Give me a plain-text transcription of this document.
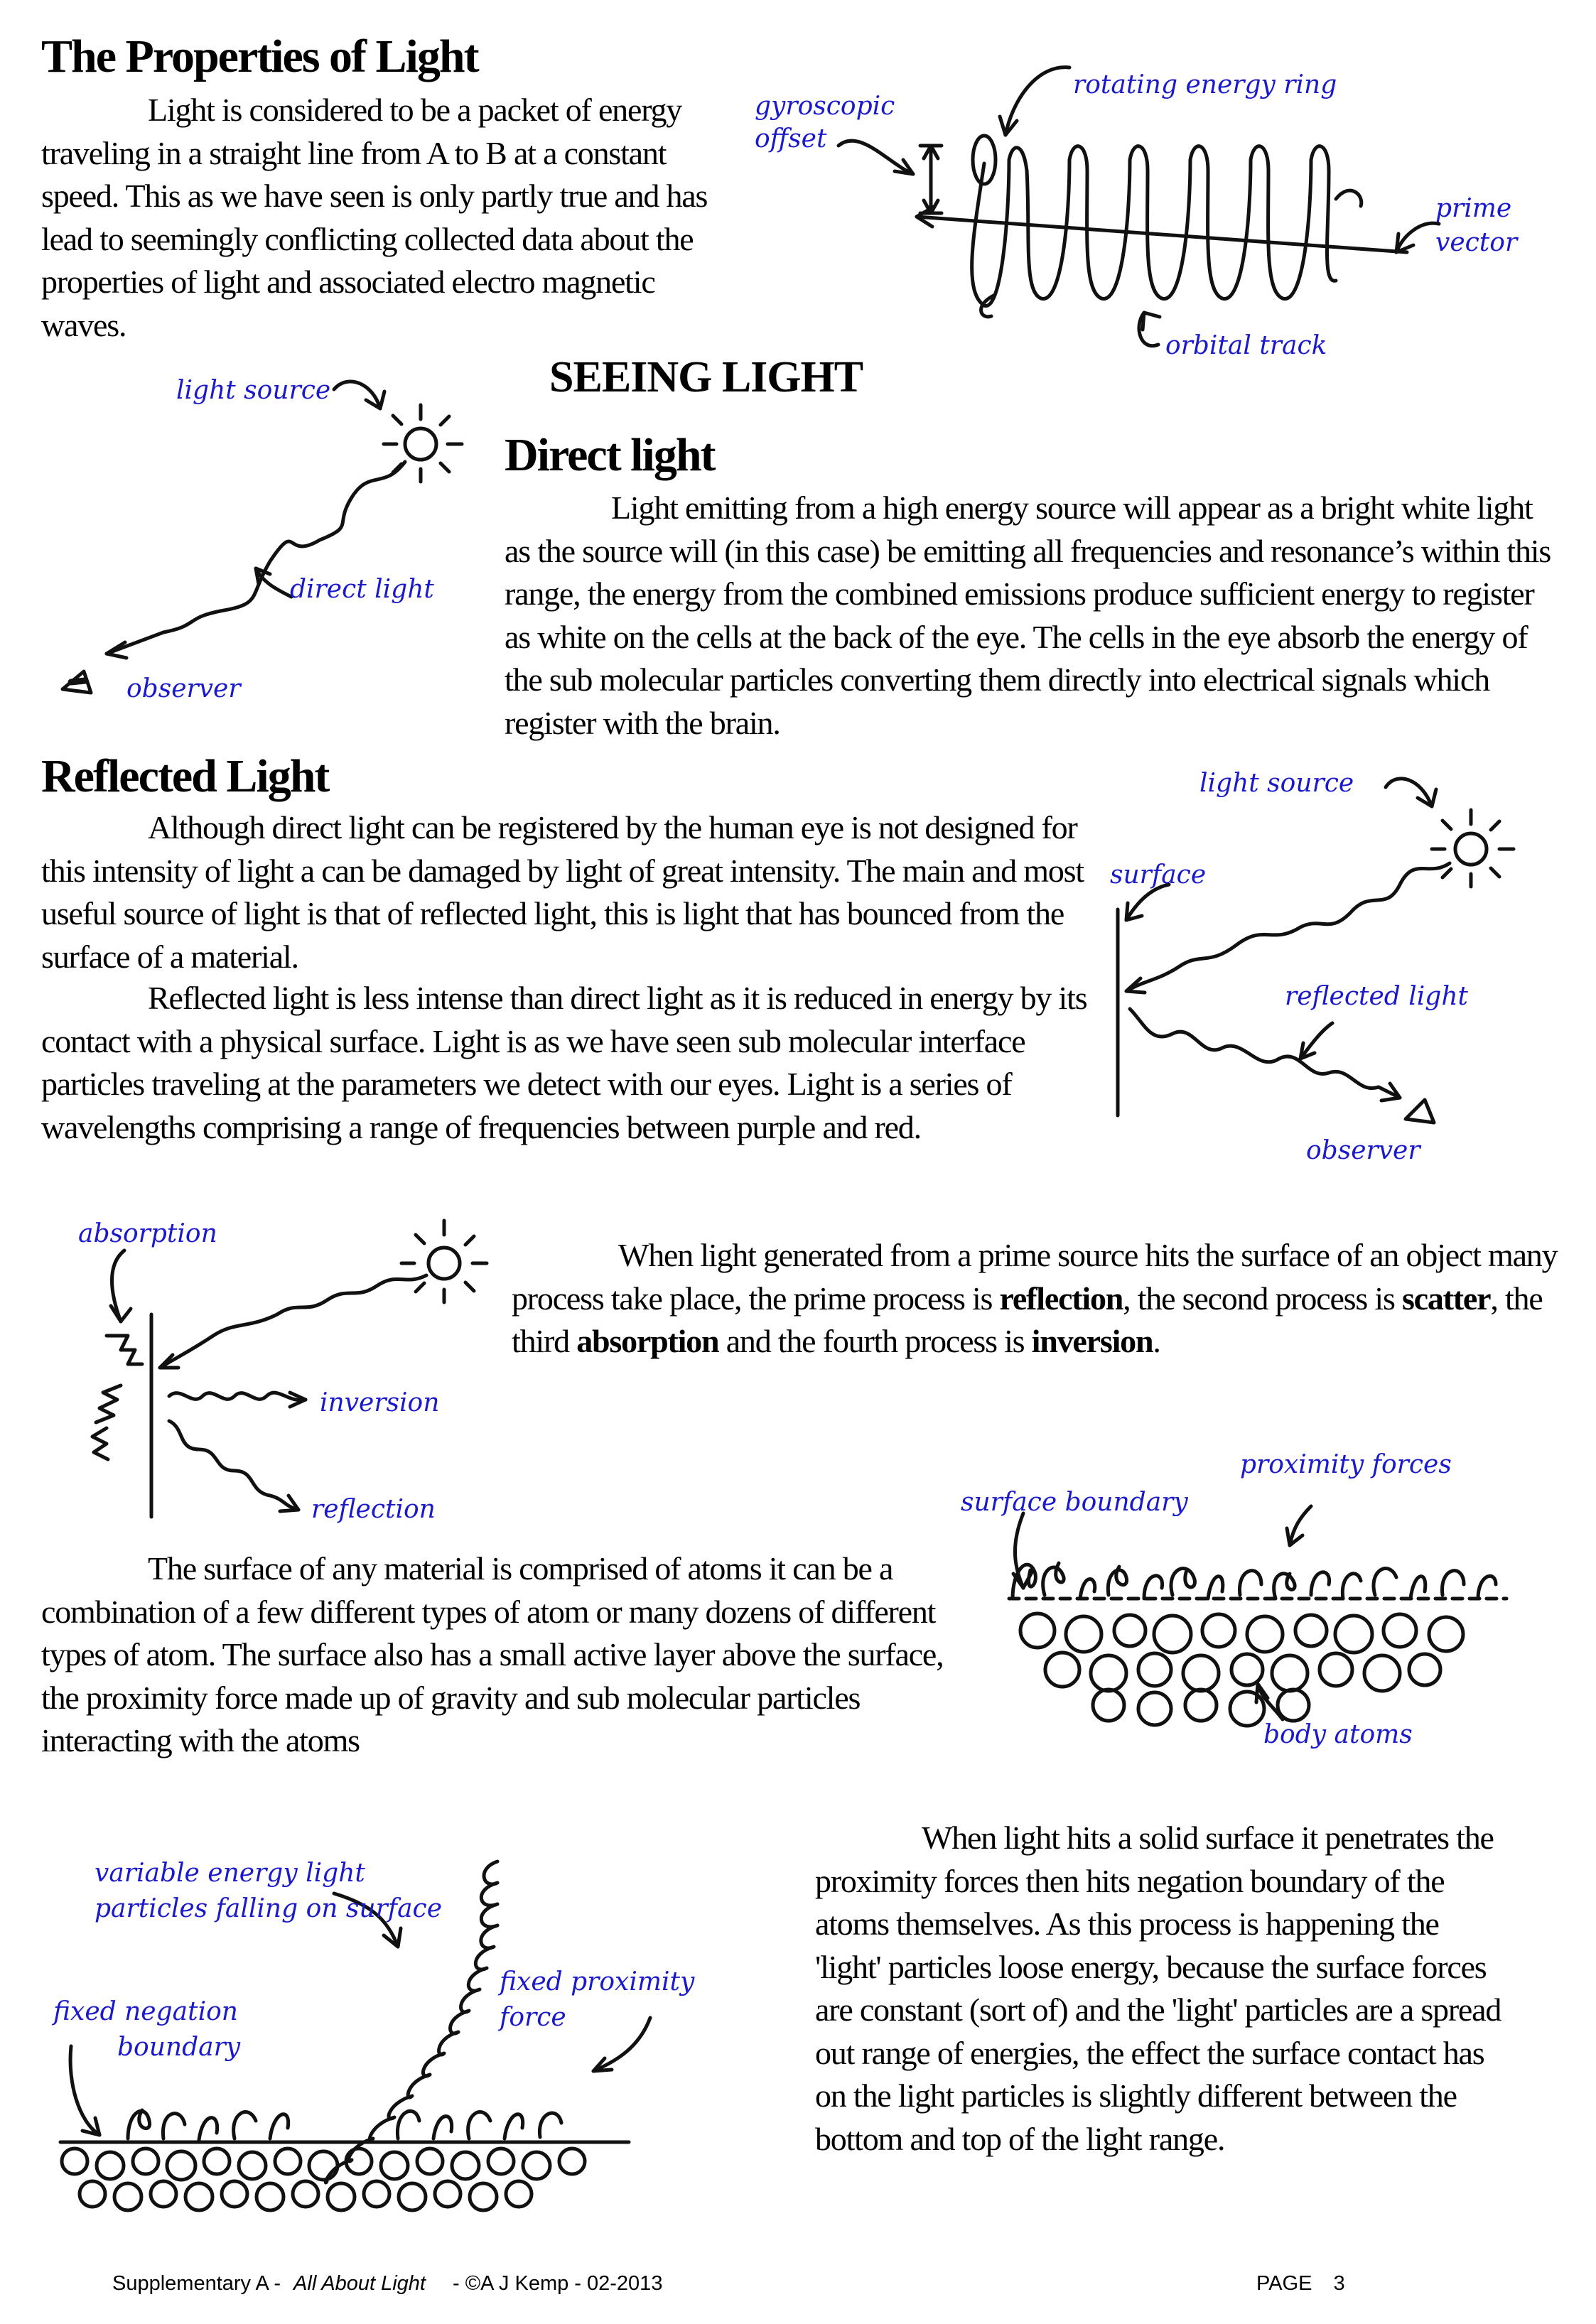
The Properties of Light

Light is considered to be a packet of energy traveling in a straight line from A to B at a constant speed. This as we have seen is only partly true and has lead to seemingly conflicting collected data about the properties of light and associated electro magnetic waves.

gyroscopic offset
rotating energy ring
prime vector
orbital track
SEEING LIGHT
Direct light

Light emitting from a high energy source will appear as a bright white light as the source will (in this case) be emitting all frequencies and resonance’s within this range, the energy from the combined emissions produce sufficient energy to register as white on the cells at the back of the eye. The cells in the eye absorb the energy of the sub molecular particles converting them directly into electrical signals which register with the brain.

light source
direct light
observer
Reflected Light

Although direct light can be registered by the human eye is not designed for this intensity of light a can be damaged by light of great intensity. The main and most useful source of light is that of reflected light, this is light that has bounced from the surface of a material.

Reflected light is less intense than direct light as it is reduced in energy by its contact with a physical surface. Light is as we have seen sub molecular interface particles traveling at the parameters we detect with our eyes. Light is a series of wavelengths comprising a range of frequencies between purple and red.

light source
surface
reflected light
observer

When light generated from a prime source hits the surface of an object many process take place, the prime process is reflection, the second process is scatter, the third absorption and the fourth process is inversion.

absorption
inversion
reflection

The surface of any material is comprised of atoms it can be a combination of a few different types of atom or many dozens of different types of atom. The surface also has a small active layer above the surface, the proximity force made up of gravity and sub molecular particles interacting with the atoms

proximity forces
surface boundary
body atoms

When light hits a solid surface it penetrates the proximity forces then hits negation boundary of the atoms themselves. As this process is happening the 'light' particles loose energy, because the surface forces are constant (sort of) and the 'light' particles are a spread out range of energies, the effect the surface contact has on the light particles is slightly different between the bottom and top of the light range.

variable energy light particles falling on surface
fixed proximity force
fixed negation
boundary
Supplementary A - All About Light - ©A J Kemp - 02-2013	PAGE 3
